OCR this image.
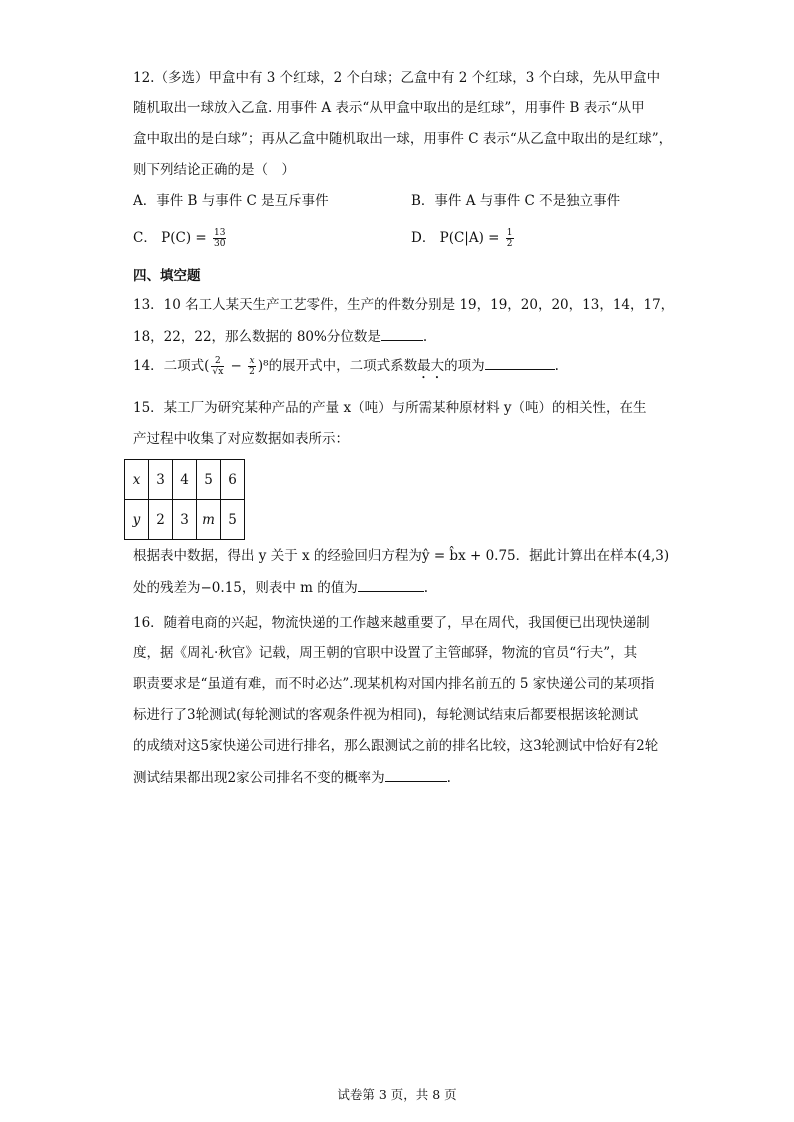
12.（多选）甲盒中有 3 个红球，2 个白球；乙盒中有 2 个红球，3 个白球，先从甲盒中
随机取出一球放入乙盒. 用事件 A 表示“从甲盒中取出的是红球”，用事件 B 表示“从甲
盒中取出的是白球”；再从乙盒中随机取出一球，用事件 C 表示“从乙盒中取出的是红球”，
则下列结论正确的是（　）
A．事件 B 与事件 C 是互斥事件	B．事件 A 与事件 C 不是独立事件
C． $P(C) = \frac{13}{30}$	D． $P(C|A) = \frac{1}{2}$
四、填空题
13．10 名工人某天生产工艺零件，生产的件数分别是 19，19，20，20，13，14，17，
18，22，22，那么数据的 80%分位数是	.
14．二项式( $\frac{2}{√x} - \frac{x}{2} )^8$的展开式中，二项式系数最大的项为	.
15．某工厂为研究某种产品的产量 x（吨）与所需某种原材料 y（吨）的相关性，在生
产过程中收集了对应数据如表所示：
x	3	4	5	6
y	2	3	m	5
根据表中数据，得出 y 关于 x 的经验回归方程为ŷ = b̂x + 0.75．据此计算出在样本(4,3)
处的残差为−0.15，则表中 m 的值为	.
16．随着电商的兴起，物流快递的工作越来越重要了，早在周代，我国便已出现快递制
度，据《周礼·秋官》记载，周王朝的官职中设置了主管邮驿，物流的官员“行夫”，其
职责要求是“虽道有难，而不时必达”.现某机构对国内排名前五的 5 家快递公司的某项指
标进行了3轮测试(每轮测试的客观条件视为相同)，每轮测试结束后都要根据该轮测试
的成绩对这5家快递公司进行排名，那么跟测试之前的排名比较，这3轮测试中恰好有2轮
测试结果都出现2家公司排名不变的概率为	.
试卷第 3 页，共 8 页
